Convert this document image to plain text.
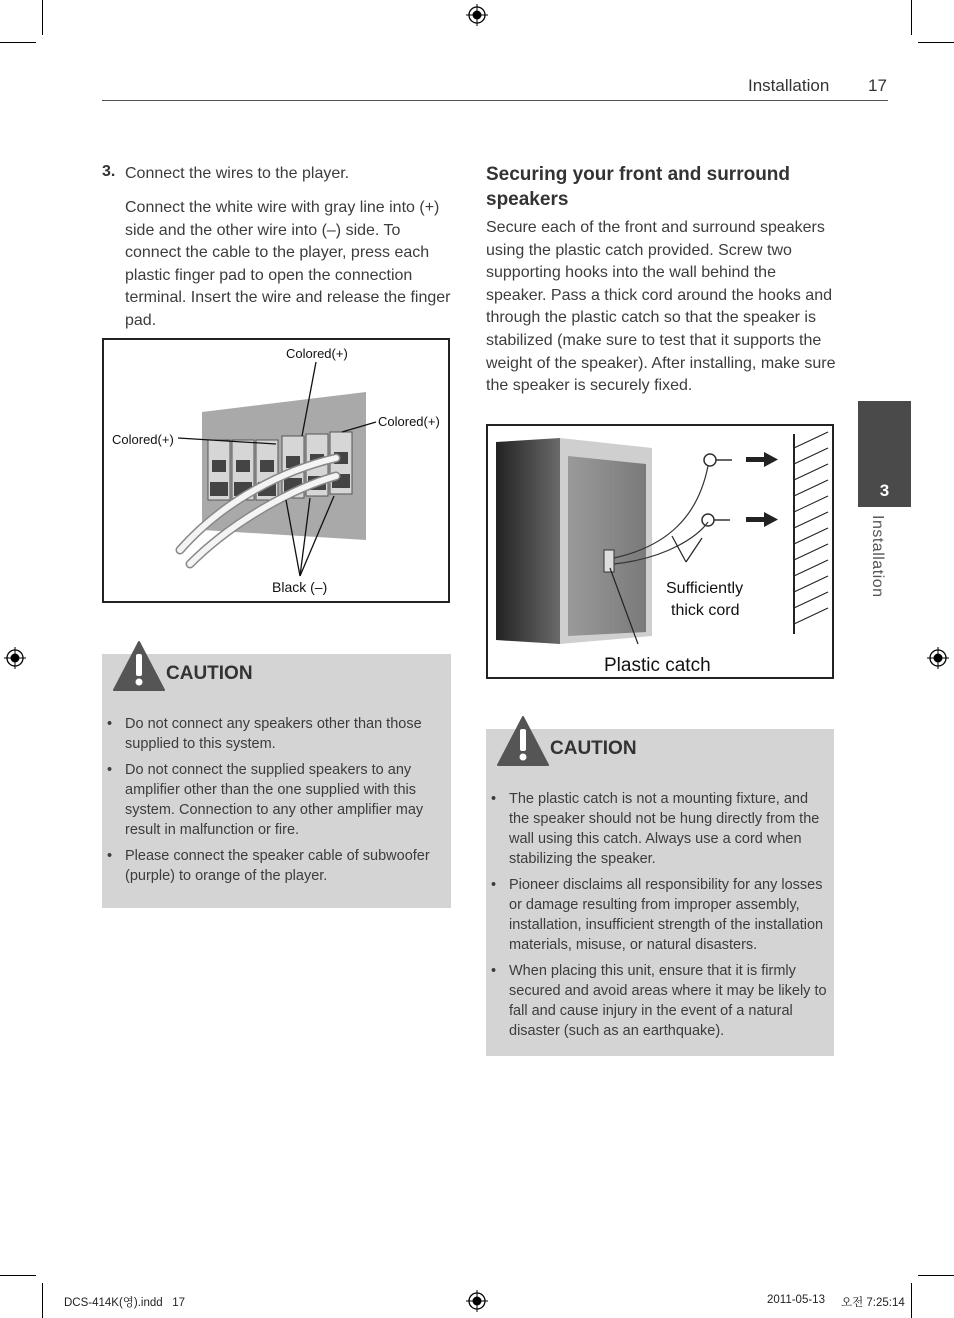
Installation 17
3
Installation
3. Connect the wires to the player.
Connect the white wire with gray line into (+) side and the other wire into (–) side. To connect the cable to the player, press each plastic finger pad to open the connection terminal. Insert the wire and release the finger pad.
Colored(+)
Colored(+)
Colored(+)
Black (–)
CAUTION
• Do not connect any speakers other than those supplied to this system.
• Do not connect the supplied speakers to any amplifier other than the one supplied with this system. Connection to any other amplifier may result in malfunction or fire.
• Please connect the speaker cable of subwoofer (purple) to orange of the player.
Securing your front and surround speakers
Secure each of the front and surround speakers using the plastic catch provided. Screw two supporting hooks into the wall behind the speaker. Pass a thick cord around the hooks and through the plastic catch so that the speaker is stabilized (make sure to test that it supports the weight of the speaker). After installing, make sure the speaker is securely fixed.
Sufficiently
thick cord
Plastic catch
CAUTION
• The plastic catch is not a mounting fixture, and the speaker should not be hung directly from the wall using this catch. Always use a cord when stabilizing the speaker.
• Pioneer disclaims all responsibility for any losses or damage resulting from improper assembly, installation, insufficient strength of the installation materials, misuse, or natural disasters.
• When placing this unit, ensure that it is firmly secured and avoid areas where it may be likely to fall and cause injury in the event of a natural disaster (such as an earthquake).
DCS-414K(영).indd   17	2011-05-13 오전 7:25:14
